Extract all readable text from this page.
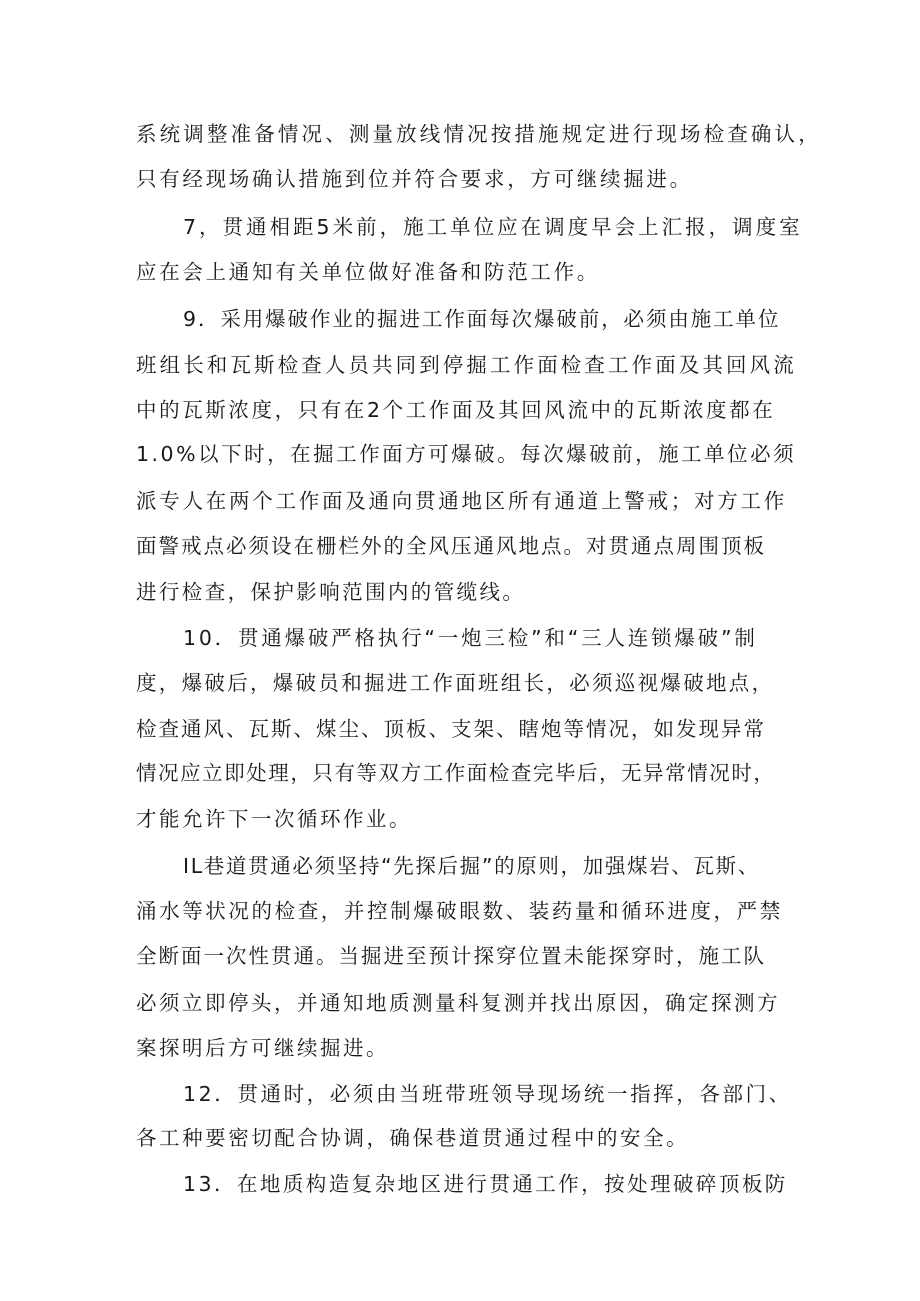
系统调整准备情况、测量放线情况按措施规定进行现场检查确认，

只有经现场确认措施到位并符合要求，方可继续掘进。

7，贯通相距5米前，施工单位应在调度早会上汇报，调度室

应在会上通知有关单位做好准备和防范工作。

9．采用爆破作业的掘进工作面每次爆破前，必须由施工单位

班组长和瓦斯检查人员共同到停掘工作面检查工作面及其回风流

中的瓦斯浓度，只有在2个工作面及其回风流中的瓦斯浓度都在

1.0%以下时，在掘工作面方可爆破。每次爆破前，施工单位必须

派专人在两个工作面及通向贯通地区所有通道上警戒；对方工作

面警戒点必须设在栅栏外的全风压通风地点。对贯通点周围顶板

进行检查，保护影响范围内的管缆线。

10．贯通爆破严格执行“一炮三检”和“三人连锁爆破”制

度，爆破后，爆破员和掘进工作面班组长，必须巡视爆破地点，

检查通风、瓦斯、煤尘、顶板、支架、瞎炮等情况，如发现异常

情况应立即处理，只有等双方工作面检查完毕后，无异常情况时，

才能允许下一次循环作业。

IL巷道贯通必须坚持“先探后掘”的原则，加强煤岩、瓦斯、

涌水等状况的检查，并控制爆破眼数、装药量和循环进度，严禁

全断面一次性贯通。当掘进至预计探穿位置未能探穿时，施工队

必须立即停头，并通知地质测量科复测并找出原因，确定探测方

案探明后方可继续掘进。

12．贯通时，必须由当班带班领导现场统一指挥，各部门、

各工种要密切配合协调，确保巷道贯通过程中的安全。

13．在地质构造复杂地区进行贯通工作，按处理破碎顶板防
